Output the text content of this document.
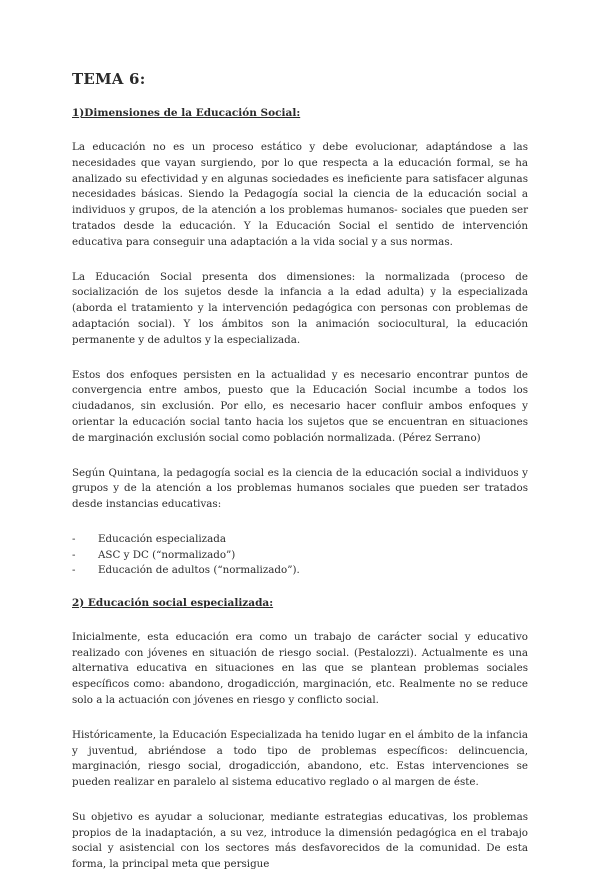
TEMA 6:
1)Dimensiones de la Educación Social:

La educación no es un proceso estático y debe evolucionar, adaptándose a las necesidades que vayan surgiendo, por lo que respecta a la educación formal, se ha analizado su efectividad y en algunas sociedades es ineficiente para satisfacer algunas necesidades básicas. Siendo la Pedagogía social la ciencia de la educación social a individuos y grupos, de la atención a los problemas humanos- sociales que pueden ser tratados desde la educación. Y la Educación Social el sentido de intervención educativa para conseguir una adaptación a la vida social y a sus normas.

La Educación Social presenta dos dimensiones: la normalizada (proceso de socialización de los sujetos desde la infancia a la edad adulta) y la especializada (aborda el tratamiento y la intervención pedagógica con personas con problemas de adaptación social). Y los ámbitos son la animación sociocultural, la educación permanente y de adultos y la especializada.

Estos dos enfoques persisten en la actualidad y es necesario encontrar puntos de convergencia entre ambos, puesto que la Educación Social incumbe a todos los ciudadanos, sin exclusión. Por ello, es necesario hacer confluir ambos enfoques y orientar la educación social tanto hacia los sujetos que se encuentran en situaciones de marginación exclusión social como población normalizada. (Pérez Serrano)

Según Quintana, la pedagogía social es la ciencia de la educación social a individuos y grupos y de la atención a los problemas humanos sociales que pueden ser tratados desde instancias educativas:

- Educación especializada
- ASC y DC (“normalizado”)
- Educación de adultos (“normalizado”).
2) Educación social especializada:

Inicialmente, esta educación era como un trabajo de carácter social y educativo realizado con jóvenes en situación de riesgo social. (Pestalozzi). Actualmente es una alternativa educativa en situaciones en las que se plantean problemas sociales específicos como: abandono, drogadicción, marginación, etc. Realmente no se reduce solo a la actuación con jóvenes en riesgo y conflicto social.

Históricamente, la Educación Especializada ha tenido lugar en el ámbito de la infancia y juventud, abriéndose a todo tipo de problemas específicos: delincuencia, marginación, riesgo social, drogadicción, abandono, etc. Estas intervenciones se pueden realizar en paralelo al sistema educativo reglado o al margen de éste.

Su objetivo es ayudar a solucionar, mediante estrategias educativas, los problemas propios de la inadaptación, a su vez, introduce la dimensión pedagógica en el trabajo social y asistencial con los sectores más desfavorecidos de la comunidad. De esta forma, la principal meta que persigue
